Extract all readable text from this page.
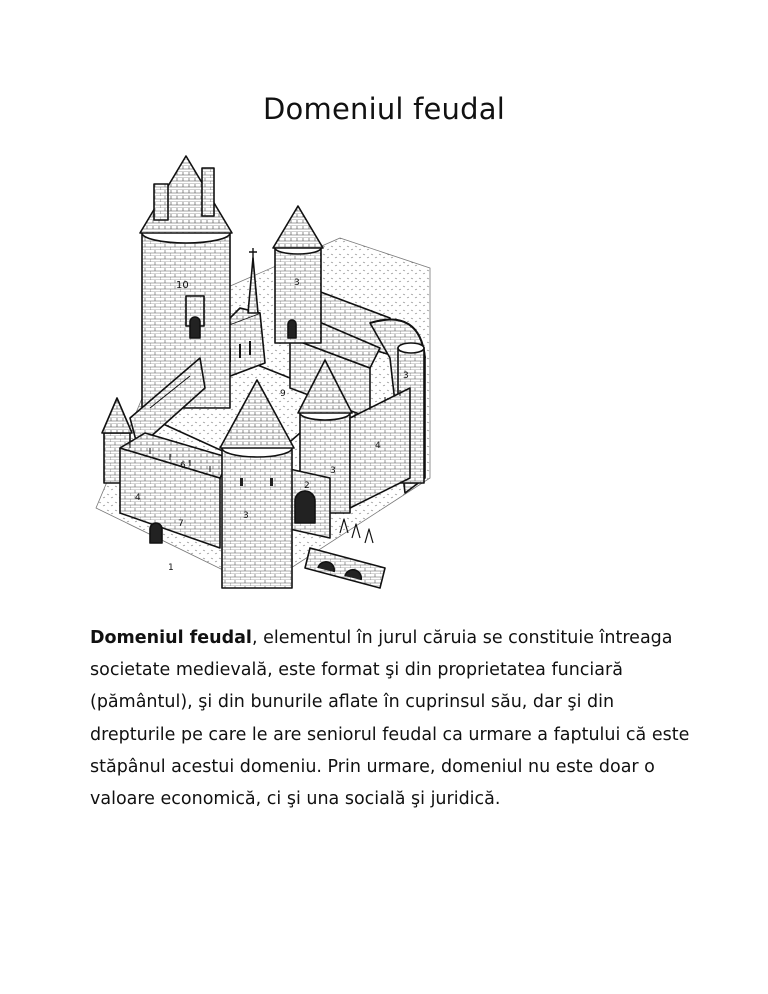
Domeniul feudal
3
10
4
7
6	3
4
2
3
9
1
3

Domeniul feudal, elementul în jurul căruia se constituie întreaga societate medievală, este format şi din proprietatea funciară (pământul), şi din bunurile aflate în cuprinsul său, dar şi din drepturile pe care le are seniorul feudal ca urmare a faptului că este stăpânul acestui domeniu. Prin urmare, domeniul nu este doar o valoare economică, ci şi una socială şi juridică.
